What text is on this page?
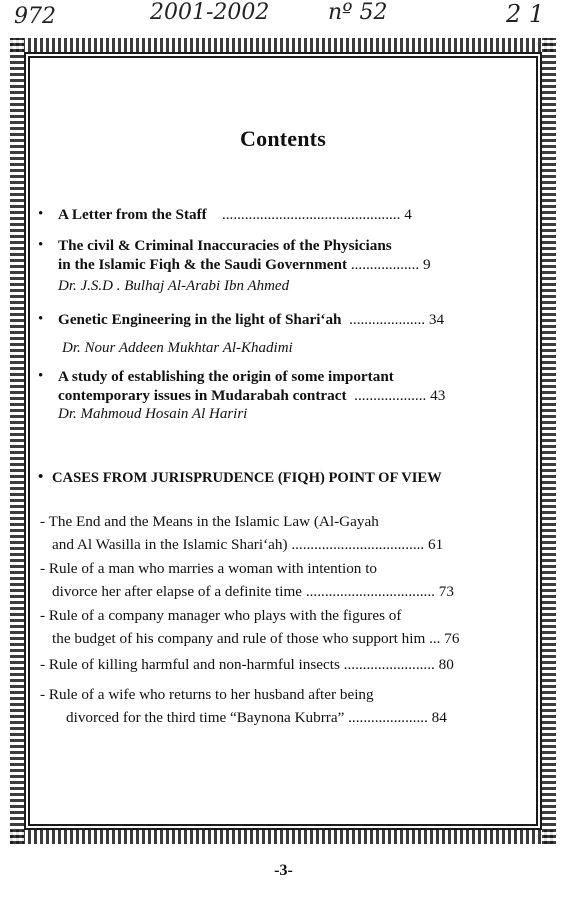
972	2001-2002	nº 52	2 1
Contents
• A Letter from the Staff ............................................... 4
• The civil & Criminal Inaccuracies of the Physicians
in the Islamic Fiqh & the Saudi Government .................. 9
Dr. J.S.D . Bulhaj Al-Arabi Ibn Ahmed
• Genetic Engineering in the light of Shari‘ah .................... 34
Dr. Nour Addeen Mukhtar Al-Khadimi
• A study of establishing the origin of some important
contemporary issues in Mudarabah contract ................... 43
Dr. Mahmoud Hosain Al Hariri
• CASES FROM JURISPRUDENCE (FIQH) POINT OF VIEW
- The End and the Means in the Islamic Law (Al-Gayah
and Al Wasilla in the Islamic Shari‘ah) ................................... 61
- Rule of a man who marries a woman with intention to
divorce her after elapse of a definite time .................................. 73
- Rule of a company manager who plays with the figures of
the budget of his company and rule of those who support him ... 76
- Rule of killing harmful and non-harmful insects ........................ 80
- Rule of a wife who returns to her husband after being
divorced for the third time “Baynona Kubrra” ..................... 84
-3-
